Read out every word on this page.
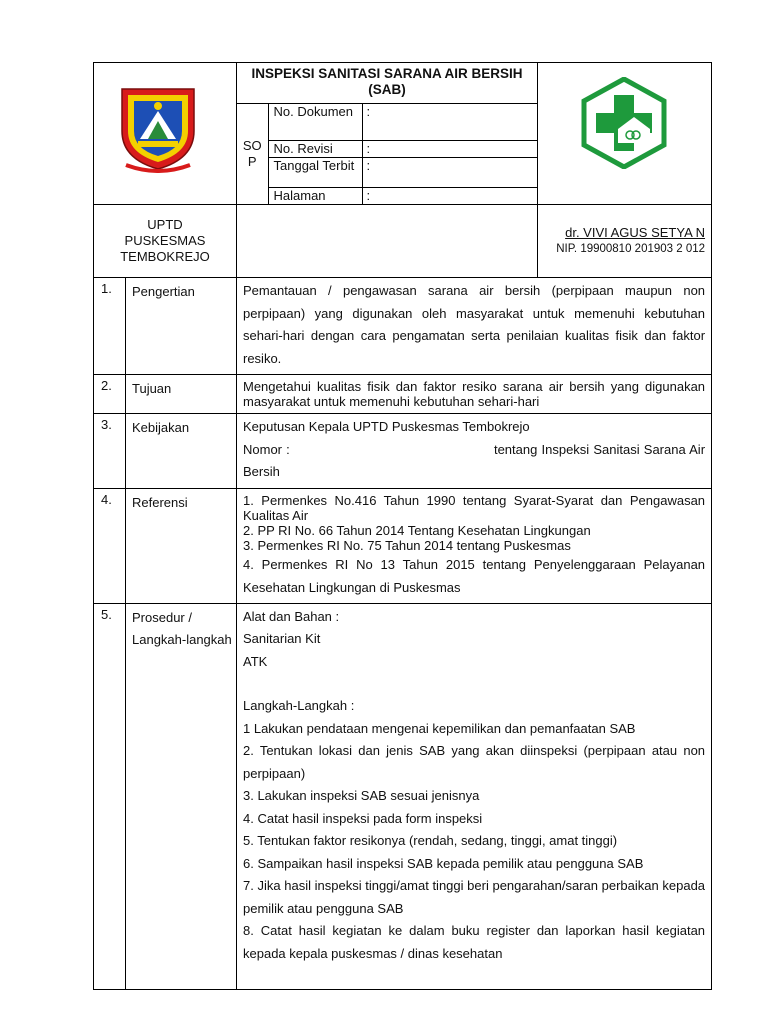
INSPEKSI SANITASI SARANA AIR BERSIH (SAB)
SOP	No. Dokumen	:
No. Revisi	:
Tanggal Terbit	:
Halaman	:

UPTD
PUSKESMAS
TEMBOKREJO

dr. VIVI AGUS SETYA N
NIP. 19900810 201903 2 012

1.	Pengertian	Pemantauan / pengawasan sarana air bersih (perpipaan maupun non perpipaan) yang digunakan oleh masyarakat untuk memenuhi kebutuhan sehari-hari dengan cara pengamatan serta penilaian kualitas fisik dan faktor resiko.

2.	Tujuan	Mengetahui kualitas fisik dan faktor resiko sarana air bersih yang digunakan masyarakat untuk memenuhi kebutuhan sehari-hari

3.	Kebijakan	Keputusan Kepala UPTD Puskesmas Tembokrejo

Nomor :                                                 tentang Inspeksi Sanitasi Sarana Air Bersih

4.	Referensi	1. Permenkes No.416 Tahun 1990 tentang Syarat-Syarat dan Pengawasan Kualitas Air

2. PP RI No. 66 Tahun 2014 Tentang Kesehatan Lingkungan

3. Permenkes RI No. 75 Tahun 2014 tentang Puskesmas

4. Permenkes RI No 13 Tahun 2015 tentang Penyelenggaraan Pelayanan Kesehatan Lingkungan di Puskesmas

5.	Prosedur / Langkah-langkah	

Alat dan Bahan :

Sanitarian Kit

ATK

Langkah-Langkah :

1 Lakukan pendataan mengenai kepemilikan dan pemanfaatan SAB

2. Tentukan lokasi dan jenis SAB yang akan diinspeksi (perpipaan atau non perpipaan)

3. Lakukan inspeksi SAB sesuai jenisnya

4. Catat hasil inspeksi pada form inspeksi

5. Tentukan faktor resikonya (rendah, sedang, tinggi, amat tinggi)

6. Sampaikan hasil inspeksi SAB kepada pemilik atau pengguna SAB

7. Jika hasil inspeksi tinggi/amat tinggi beri pengarahan/saran perbaikan kepada pemilik atau pengguna SAB

8. Catat hasil kegiatan ke dalam buku register dan laporkan hasil kegiatan kepada kepala puskesmas / dinas kesehatan
